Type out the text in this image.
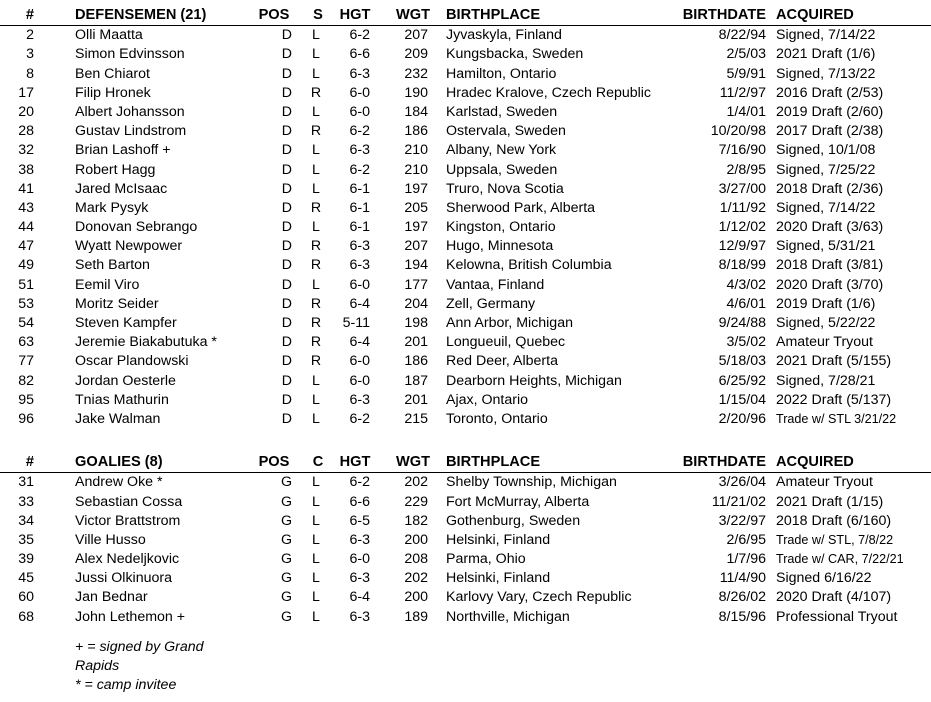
#	DEFENSEMEN (21)	POS	S	HGT WGT BIRTHPLACE	BIRTHDATE ACQUIRED
2	Olli Maatta	D	L	6-2	207 Jyvaskyla, Finland	8/22/94 Signed, 7/14/22
3	Simon Edvinsson	D	L	6-6	209 Kungsbacka, Sweden	2/5/03 2021 Draft (1/6)
8	Ben Chiarot	D	L	6-3	232 Hamilton, Ontario	5/9/91 Signed, 7/13/22
17	Filip Hronek	D	R	6-0	190 Hradec Kralove, Czech Republic	11/2/97 2016 Draft (2/53)
20	Albert Johansson	D	L	6-0	184 Karlstad, Sweden	1/4/01 2019 Draft (2/60)
28	Gustav Lindstrom	D	R	6-2	186 Ostervala, Sweden	10/20/98 2017 Draft (2/38)
32	Brian Lashoff +	D	L	6-3	210 Albany, New York	7/16/90 Signed, 10/1/08
38	Robert Hagg	D	L	6-2	210 Uppsala, Sweden	2/8/95 Signed, 7/25/22
41	Jared McIsaac	D	L	6-1	197 Truro, Nova Scotia	3/27/00 2018 Draft (2/36)
43	Mark Pysyk	D	R	6-1	205 Sherwood Park, Alberta	1/11/92 Signed, 7/14/22
44	Donovan Sebrango	D	L	6-1	197 Kingston, Ontario	1/12/02 2020 Draft (3/63)
47	Wyatt Newpower	D	R	6-3	207 Hugo, Minnesota	12/9/97 Signed, 5/31/21
49	Seth Barton	D	R	6-3	194 Kelowna, British Columbia	8/18/99 2018 Draft (3/81)
51	Eemil Viro	D	L	6-0	177 Vantaa, Finland	4/3/02 2020 Draft (3/70)
53	Moritz Seider	D	R	6-4	204 Zell, Germany	4/6/01 2019 Draft (1/6)
54	Steven Kampfer	D	R	5-11	198 Ann Arbor, Michigan	9/24/88 Signed, 5/22/22
63	Jeremie Biakabutuka *	D	R	6-4	201 Longueuil, Quebec	3/5/02 Amateur Tryout
77	Oscar Plandowski	D	R	6-0	186 Red Deer, Alberta	5/18/03 2021 Draft (5/155)
82	Jordan Oesterle	D	L	6-0	187 Dearborn Heights, Michigan	6/25/92 Signed, 7/28/21
95	Tnias Mathurin	D	L	6-3	201 Ajax, Ontario	1/15/04 2022 Draft (5/137)
96	Jake Walman	D	L	6-2	215 Toronto, Ontario	2/20/96 Trade w/ STL 3/21/22
#	GOALIES (8)	POS	C	HGT WGT BIRTHPLACE	BIRTHDATE ACQUIRED
31	Andrew Oke *	G	L	6-2	202 Shelby Township, Michigan	3/26/04 Amateur Tryout
33	Sebastian Cossa	G	L	6-6	229 Fort McMurray, Alberta	11/21/02 2021 Draft (1/15)
34	Victor Brattstrom	G	L	6-5	182 Gothenburg, Sweden	3/22/97 2018 Draft (6/160)
35	Ville Husso	G	L	6-3	200 Helsinki, Finland	2/6/95 Trade w/ STL, 7/8/22
39	Alex Nedeljkovic	G	L	6-0	208 Parma, Ohio	1/7/96 Trade w/ CAR, 7/22/21
45	Jussi Olkinuora	G	L	6-3	202 Helsinki, Finland	11/4/90 Signed 6/16/22
60	Jan Bednar	G	L	6-4	200 Karlovy Vary, Czech Republic	8/26/02 2020 Draft (4/107)
68	John Lethemon +	G	L	6-3	189 Northville, Michigan	8/15/96 Professional Tryout
+ = signed by Grand Rapids
* = camp invitee
